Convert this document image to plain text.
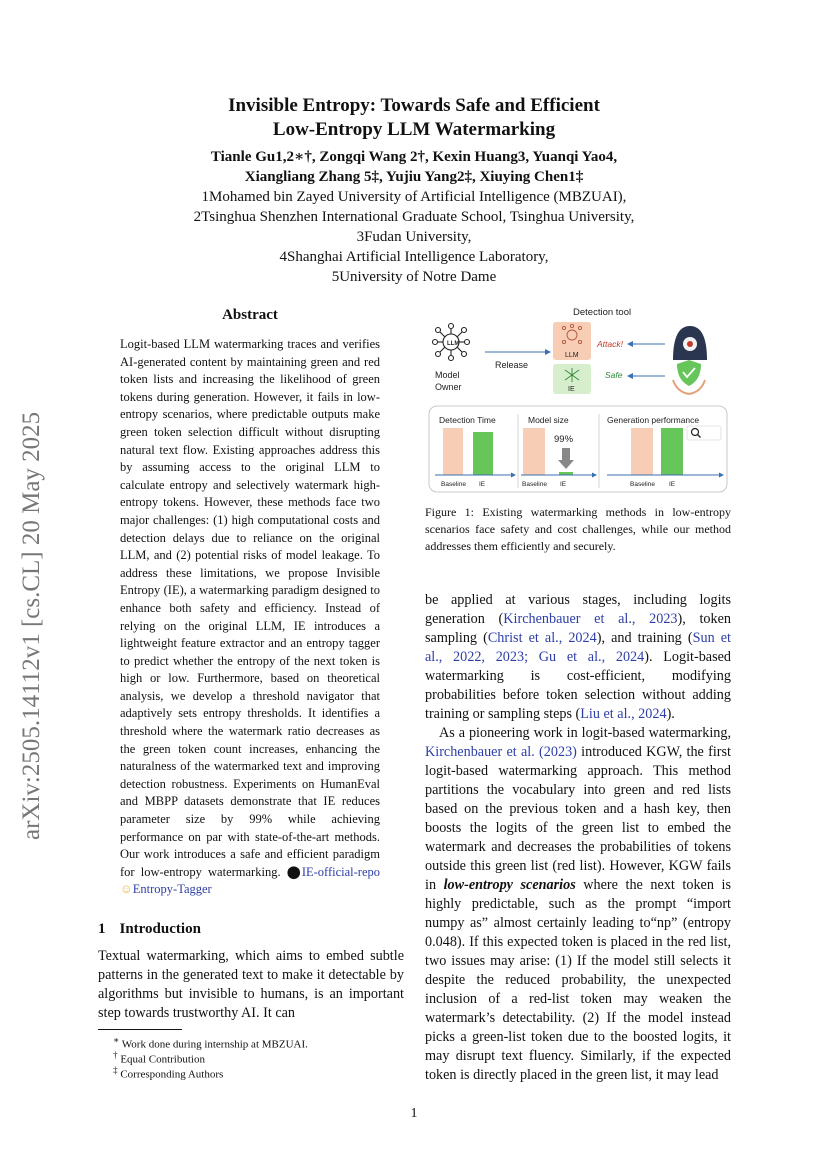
Invisible Entropy: Towards Safe and Efficient
Low-Entropy LLM Watermarking
Tianle Gu1,2∗†, Zongqi Wang 2†, Kexin Huang3, Yuanqi Yao4,
Xiangliang Zhang 5‡, Yujiu Yang2‡, Xiuying Chen1‡
1Mohamed bin Zayed University of Artificial Intelligence (MBZUAI),
2Tsinghua Shenzhen International Graduate School, Tsinghua University,
3Fudan University,
4Shanghai Artificial Intelligence Laboratory,
5University of Notre Dame
arXiv:2505.14112v1 [cs.CL] 20 May 2025
Abstract
Logit-based LLM watermarking traces and verifies AI-generated content by maintaining green and red token lists and increasing the likelihood of green tokens during generation. However, it fails in low-entropy scenarios, where predictable outputs make green token selection difficult without disrupting natural text flow. Existing approaches address this by assuming access to the original LLM to calculate entropy and selectively watermark high-entropy tokens. However, these methods face two major challenges: (1) high computational costs and detection delays due to reliance on the original LLM, and (2) potential risks of model leakage. To address these limitations, we propose Invisible Entropy (IE), a watermarking paradigm designed to enhance both safety and efficiency. Instead of relying on the original LLM, IE introduces a lightweight feature extractor and an entropy tagger to predict whether the entropy of the next token is high or low. Furthermore, based on theoretical analysis, we develop a threshold navigator that adaptively sets entropy thresholds. It identifies a threshold where the watermark ratio decreases as the green token count increases, enhancing the naturalness of the watermarked text and improving detection robustness. Experiments on HumanEval and MBPP datasets demonstrate that IE reduces parameter size by 99% while achieving performance on par with state-of-the-art methods. Our work introduces a safe and efficient paradigm for low-entropy watermarking. ⬤ IE-official-repo ☺Entropy-Tagger
1 Introduction
Textual watermarking, which aims to embed subtle patterns in the generated text to make it detectable by algorithms but invisible to humans, is an important step towards trustworthy AI. It can
∗ Work done during internship at MBZUAI.
† Equal Contribution
‡ Corresponding Authors
Detection tool
LLM
Model
Owner
Release
LLM
IE
Attack!
Safe
Detection Time	Model size	Generation performance
Baseline IE
99%
Baseline IE	Baseline IE
Figure 1: Existing watermarking methods in low-entropy scenarios face safety and cost challenges, while our method addresses them efficiently and securely.

be applied at various stages, including logits generation (Kirchenbauer et al., 2023), token sampling (Christ et al., 2024), and training (Sun et al., 2022, 2023; Gu et al., 2024). Logit-based watermarking is cost-efficient, modifying probabilities before token selection without adding training or sampling steps (Liu et al., 2024).

As a pioneering work in logit-based watermarking, Kirchenbauer et al. (2023) introduced KGW, the first logit-based watermarking approach. This method partitions the vocabulary into green and red lists based on the previous token and a hash key, then boosts the logits of the green list to embed the watermark and decreases the probabilities of tokens outside this green list (red list). However, KGW fails in low-entropy scenarios where the next token is highly predictable, such as the prompt “import numpy as” almost certainly leading to“np” (entropy 0.048). If this expected token is placed in the red list, two issues may arise: (1) If the model still selects it despite the reduced probability, the unexpected inclusion of a red-list token may weaken the watermark’s detectability. (2) If the model instead picks a green-list token due to the boosted logits, it may disrupt text fluency. Similarly, if the expected token is directly placed in the green list, it may lead

1
